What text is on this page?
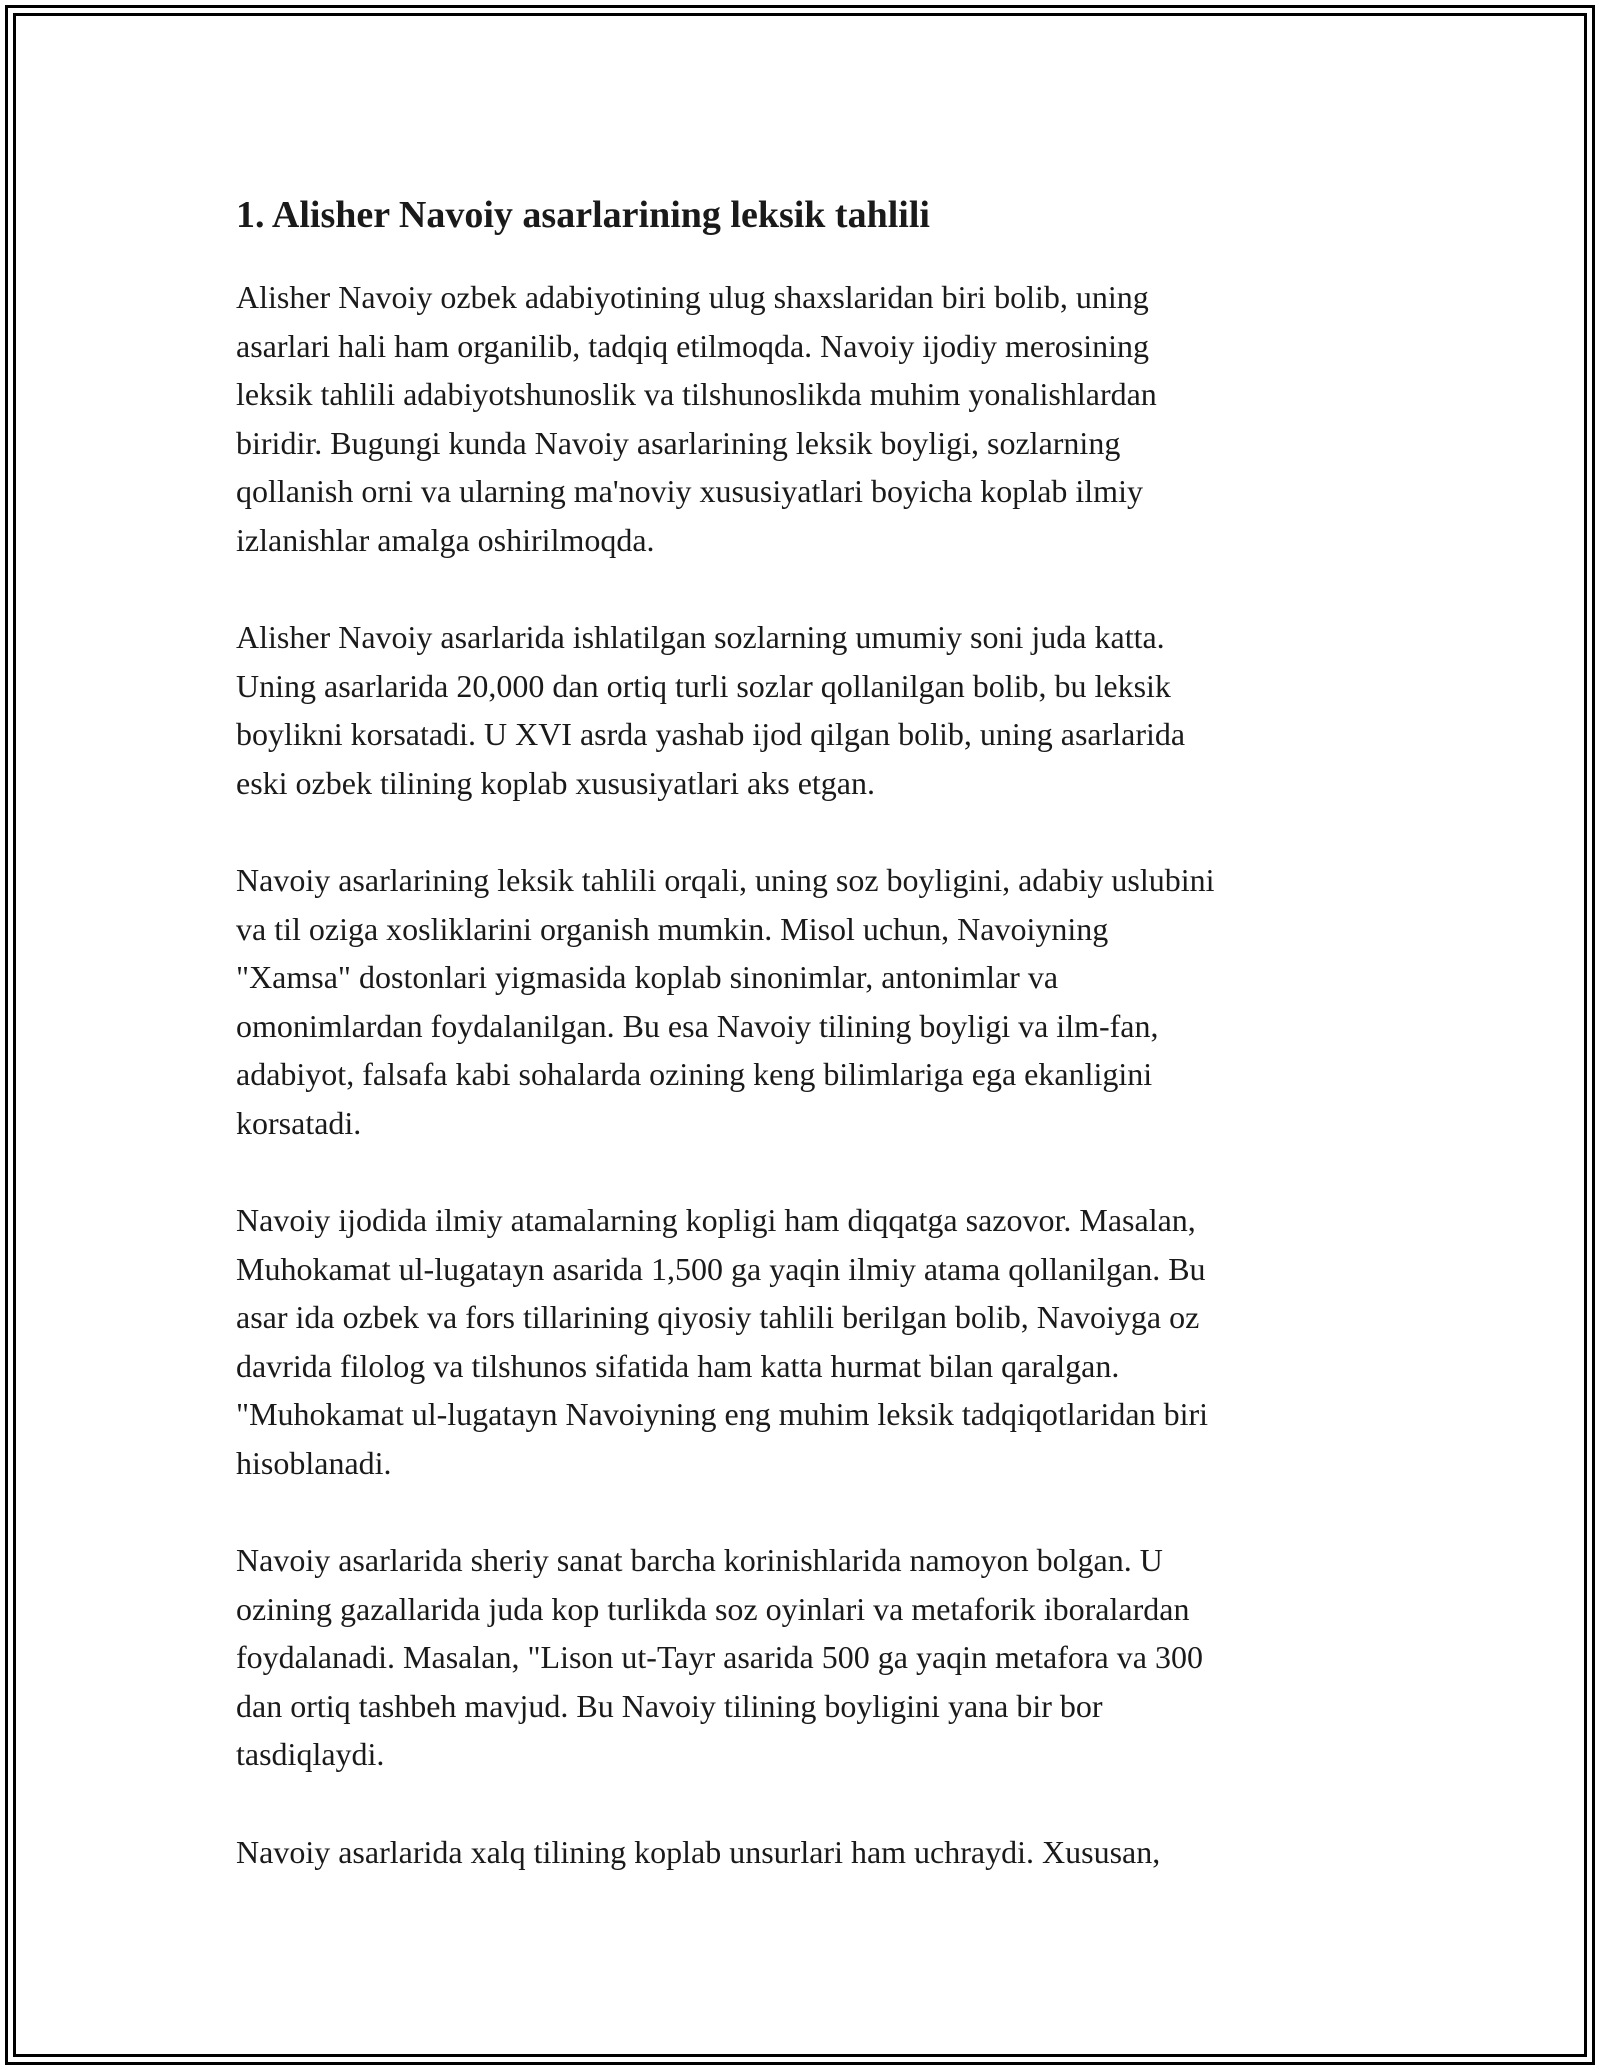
1. Alisher Navoiy asarlarining leksik tahlili

Alisher Navoiy ozbek adabiyotining ulug shaxslaridan biri bolib, uning
asarlari hali ham organilib, tadqiq etilmoqda. Navoiy ijodiy merosining
leksik tahlili adabiyotshunoslik va tilshunoslikda muhim yonalishlardan
biridir. Bugungi kunda Navoiy asarlarining leksik boyligi, sozlarning
qollanish orni va ularning ma'noviy xususiyatlari boyicha koplab ilmiy
izlanishlar amalga oshirilmoqda.

Alisher Navoiy asarlarida ishlatilgan sozlarning umumiy soni juda katta.
Uning asarlarida 20,000 dan ortiq turli sozlar qollanilgan bolib, bu leksik
boylikni korsatadi. U XVI asrda yashab ijod qilgan bolib, uning asarlarida
eski ozbek tilining koplab xususiyatlari aks etgan.

Navoiy asarlarining leksik tahlili orqali, uning soz boyligini, adabiy uslubini
va til oziga xosliklarini organish mumkin. Misol uchun, Navoiyning
"Xamsa" dostonlari yigmasida koplab sinonimlar, antonimlar va
omonimlardan foydalanilgan. Bu esa Navoiy tilining boyligi va ilm-fan,
adabiyot, falsafa kabi sohalarda ozining keng bilimlariga ega ekanligini
korsatadi.

Navoiy ijodida ilmiy atamalarning kopligi ham diqqatga sazovor. Masalan,
Muhokamat ul-lugatayn asarida 1,500 ga yaqin ilmiy atama qollanilgan. Bu
asar ida ozbek va fors tillarining qiyosiy tahlili berilgan bolib, Navoiyga oz
davrida filolog va tilshunos sifatida ham katta hurmat bilan qaralgan.
"Muhokamat ul-lugatayn Navoiyning eng muhim leksik tadqiqotlaridan biri
hisoblanadi.

Navoiy asarlarida sheriy sanat barcha korinishlarida namoyon bolgan. U
ozining gazallarida juda kop turlikda soz oyinlari va metaforik iboralardan
foydalanadi. Masalan, "Lison ut-Tayr asarida 500 ga yaqin metafora va 300
dan ortiq tashbeh mavjud. Bu Navoiy tilining boyligini yana bir bor
tasdiqlaydi.

Navoiy asarlarida xalq tilining koplab unsurlari ham uchraydi. Xususan,
